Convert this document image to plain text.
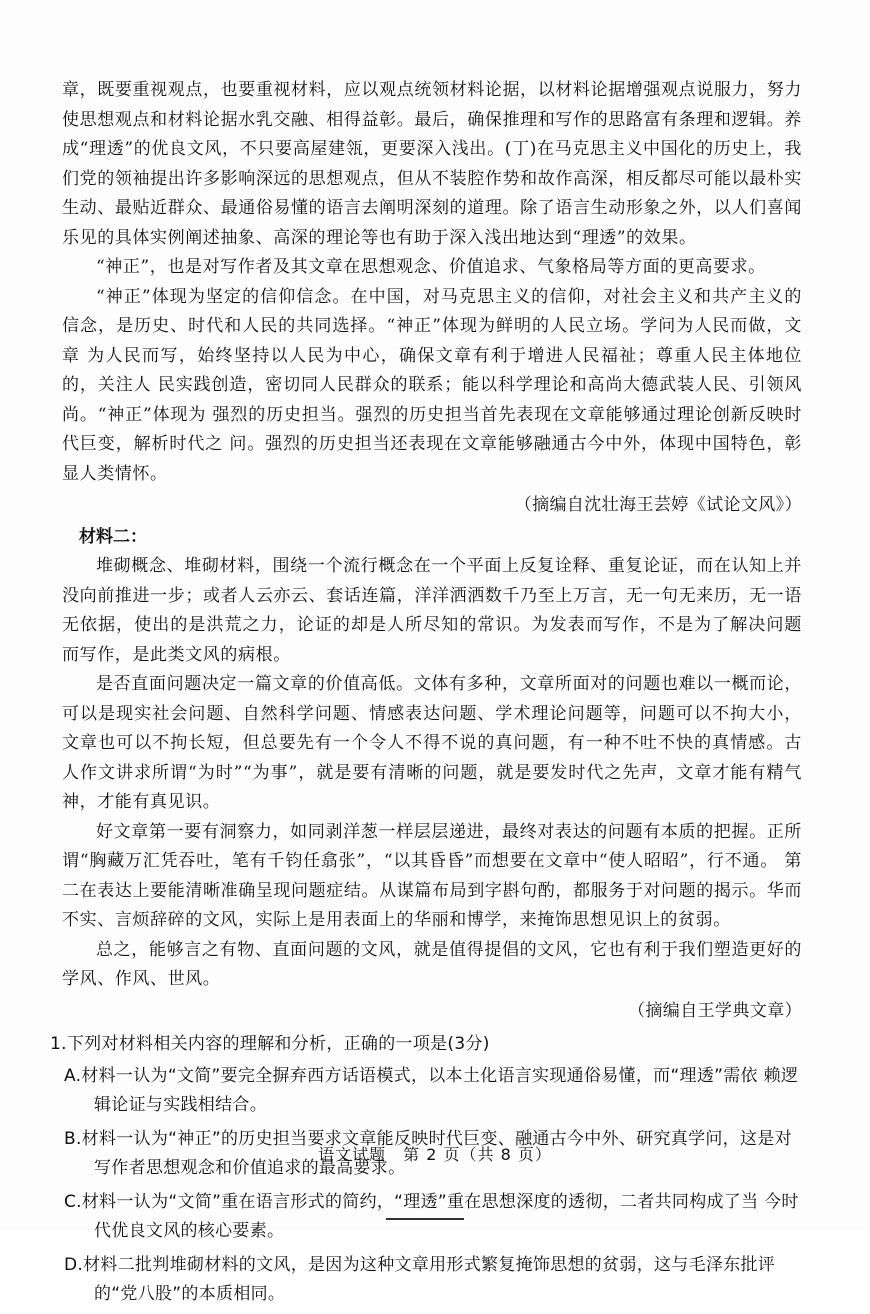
章，既要重视观点，也要重视材料，应以观点统领材料论据，以材料论据增强观点说服力，努力 使思想观点和材料论据水乳交融、相得益彰。最后，确保推理和写作的思路富有条理和逻辑。养成“理透”的优良文风，不只要高屋建瓴，更要深入浅出。(丁)在马克思主义中国化的历史上，我们党的领袖提出许多影响深远的思想观点，但从不装腔作势和故作高深，相反都尽可能以最朴实生动、最贴近群众、最通俗易懂的语言去阐明深刻的道理。除了语言生动形象之外，以人们喜闻乐见的具体实例阐述抽象、高深的理论等也有助于深入浅出地达到“理透”的效果。

“神正”，也是对写作者及其文章在思想观念、价值追求、气象格局等方面的更高要求。

“神正”体现为坚定的信仰信念。在中国，对马克思主义的信仰，对社会主义和共产主义的 信念，是历史、时代和人民的共同选择。“神正”体现为鲜明的人民立场。学问为人民而做，文章 为人民而写，始终坚持以人民为中心，确保文章有利于增进人民福祉；尊重人民主体地位的，关注人 民实践创造，密切同人民群众的联系；能以科学理论和高尚大德武装人民、引领风尚。“神正”体现为 强烈的历史担当。强烈的历史担当首先表现在文章能够通过理论创新反映时代巨变，解析时代之 问。强烈的历史担当还表现在文章能够融通古今中外，体现中国特色，彰显人类情怀。

（摘编自沈壮海王芸婷《试论文风》）

材料二：

堆砌概念、堆砌材料，围绕一个流行概念在一个平面上反复诠释、重复论证，而在认知上并 没向前推进一步；或者人云亦云、套话连篇，洋洋洒洒数千乃至上万言，无一句无来历，无一语 无依据，使出的是洪荒之力，论证的却是人所尽知的常识。为发表而写作，不是为了解决问题 而写作，是此类文风的病根。

是否直面问题决定一篇文章的价值高低。文体有多种，文章所面对的问题也难以一概而论，可以是现实社会问题、自然科学问题、情感表达问题、学术理论问题等，问题可以不拘大小， 文章也可以不拘长短，但总要先有一个令人不得不说的真问题，有一种不吐不快的真情感。古 人作文讲求所谓“为时”“为事”，就是要有清晰的问题，就是要发时代之先声，文章才能有精气 神，才能有真见识。

好文章第一要有洞察力，如同剥洋葱一样层层递进，最终对表达的问题有本质的把握。正所谓“胸藏万汇凭吞吐，笔有千钧任翕张”，“以其昏昏”而想要在文章中“使人昭昭”，行不通。 第二在表达上要能清晰准确呈现问题症结。从谋篇布局到字斟句酌，都服务于对问题的揭示。华而不实、言烦辞碎的文风，实际上是用表面上的华丽和博学，来掩饰思想见识上的贫弱。

总之，能够言之有物、直面问题的文风，就是值得提倡的文风，它也有利于我们塑造更好的 学风、作风、世风。

（摘编自王学典文章）

1.下列对材料相关内容的理解和分析，正确的一项是(3分)

A.材料一认为“文简”要完全摒弃西方话语模式，以本土化语言实现通俗易懂，而“理透”需依 赖逻辑论证与实践相结合。

B.材料一认为“神正”的历史担当要求文章能反映时代巨变、融通古今中外、研究真学问，这是对写作者思想观念和价值追求的最高要求。

C.材料一认为“文简”重在语言形式的简约，“理透”重在思想深度的透彻，二者共同构成了当 今时代优良文风的核心要素。

D.材料二批判堆砌材料的文风，是因为这种文章用形式繁复掩饰思想的贫弱，这与毛泽东批评的“党八股”的本质相同。

语文试题　第 2 页（共 8 页）
